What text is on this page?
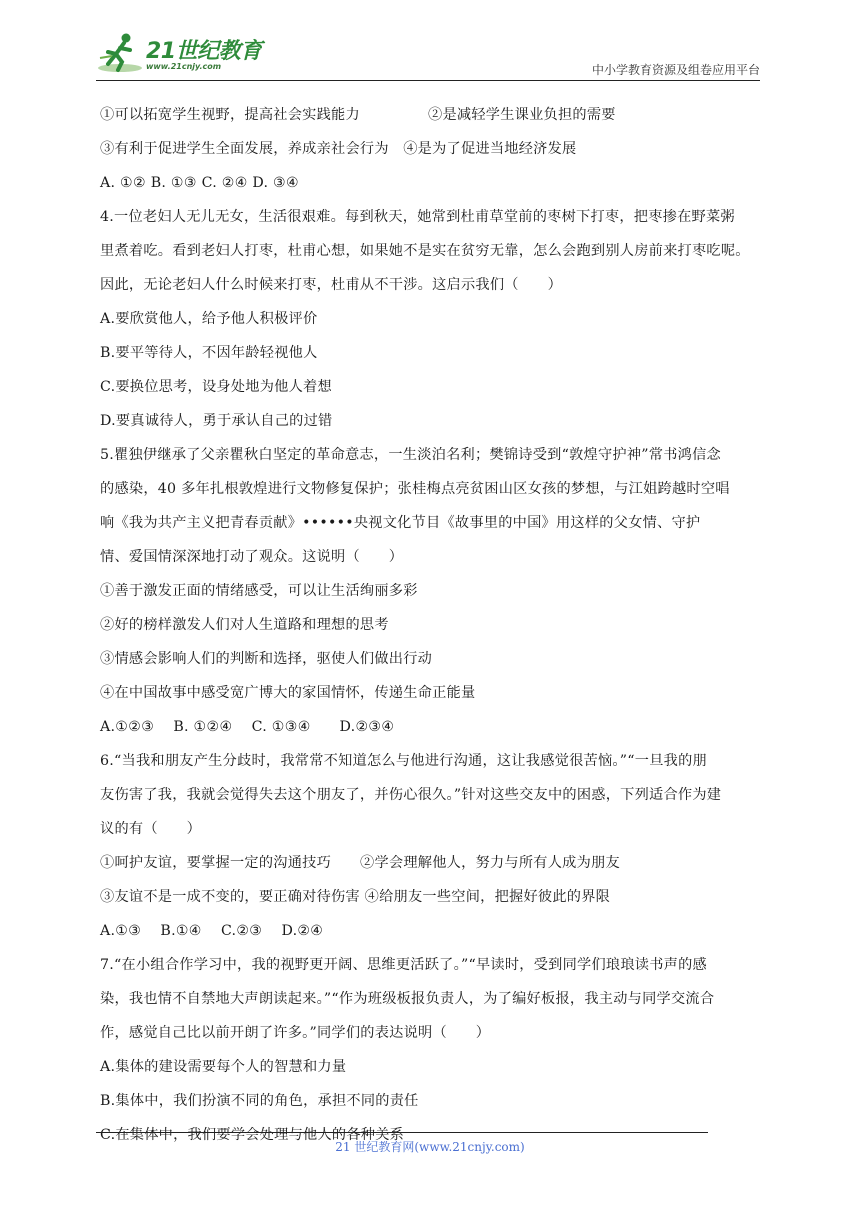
21世纪教育
www.21cnjy.com	中小学教育资源及组卷应用平台
①可以拓宽学生视野，提高社会实践能力	②是减轻学生课业负担的需要
③有利于促进学生全面发展，养成亲社会行为　④是为了促进当地经济发展
A. ①② B. ①③ C. ②④ D. ③④
4.一位老妇人无儿无女，生活很艰难。每到秋天，她常到杜甫草堂前的枣树下打枣，把枣掺在野菜粥
里煮着吃。看到老妇人打枣，杜甫心想，如果她不是实在贫穷无靠，怎么会跑到别人房前来打枣吃呢。
因此，无论老妇人什么时候来打枣，杜甫从不干涉。这启示我们（　　）
A.要欣赏他人，给予他人积极评价
B.要平等待人，不因年龄轻视他人
C.要换位思考，设身处地为他人着想
D.要真诚待人，勇于承认自己的过错
5.瞿独伊继承了父亲瞿秋白坚定的革命意志，一生淡泊名利；樊锦诗受到“敦煌守护神”常书鸿信念
的感染，40 多年扎根敦煌进行文物修复保护；张桂梅点亮贫困山区女孩的梦想，与江姐跨越时空唱
响《我为共产主义把青春贡献》••••••央视文化节目《故事里的中国》用这样的父女情、守护
情、爱国情深深地打动了观众。这说明（　　）
①善于激发正面的情绪感受，可以让生活绚丽多彩
②好的榜样激发人们对人生道路和理想的思考
③情感会影响人们的判断和选择，驱使人们做出行动
④在中国故事中感受宽广博大的家国情怀，传递生命正能量
A.①②③　 B. ①②④　 C. ①③④　　D.②③④
6.“当我和朋友产生分歧时，我常常不知道怎么与他进行沟通，这让我感觉很苦恼。”“一旦我的朋
友伤害了我，我就会觉得失去这个朋友了，并伤心很久。”针对这些交友中的困惑，下列适合作为建
议的有（　　）
①呵护友谊，要掌握一定的沟通技巧 ②学会理解他人，努力与所有人成为朋友
③友谊不是一成不变的，要正确对待伤害 ④给朋友一些空间，把握好彼此的界限
A.①③　 B.①④　 C.②③　 D.②④
7.“在小组合作学习中，我的视野更开阔、思维更活跃了。”“早读时，受到同学们琅琅读书声的感
染，我也情不自禁地大声朗读起来。”“作为班级板报负责人，为了编好板报，我主动与同学交流合
作，感觉自己比以前开朗了许多。”同学们的表达说明（　　）
A.集体的建设需要每个人的智慧和力量
B.集体中，我们扮演不同的角色，承担不同的责任
C.在集体中，我们要学会处理与他人的各种关系
21 世纪教育网(www.21cnjy.com)
